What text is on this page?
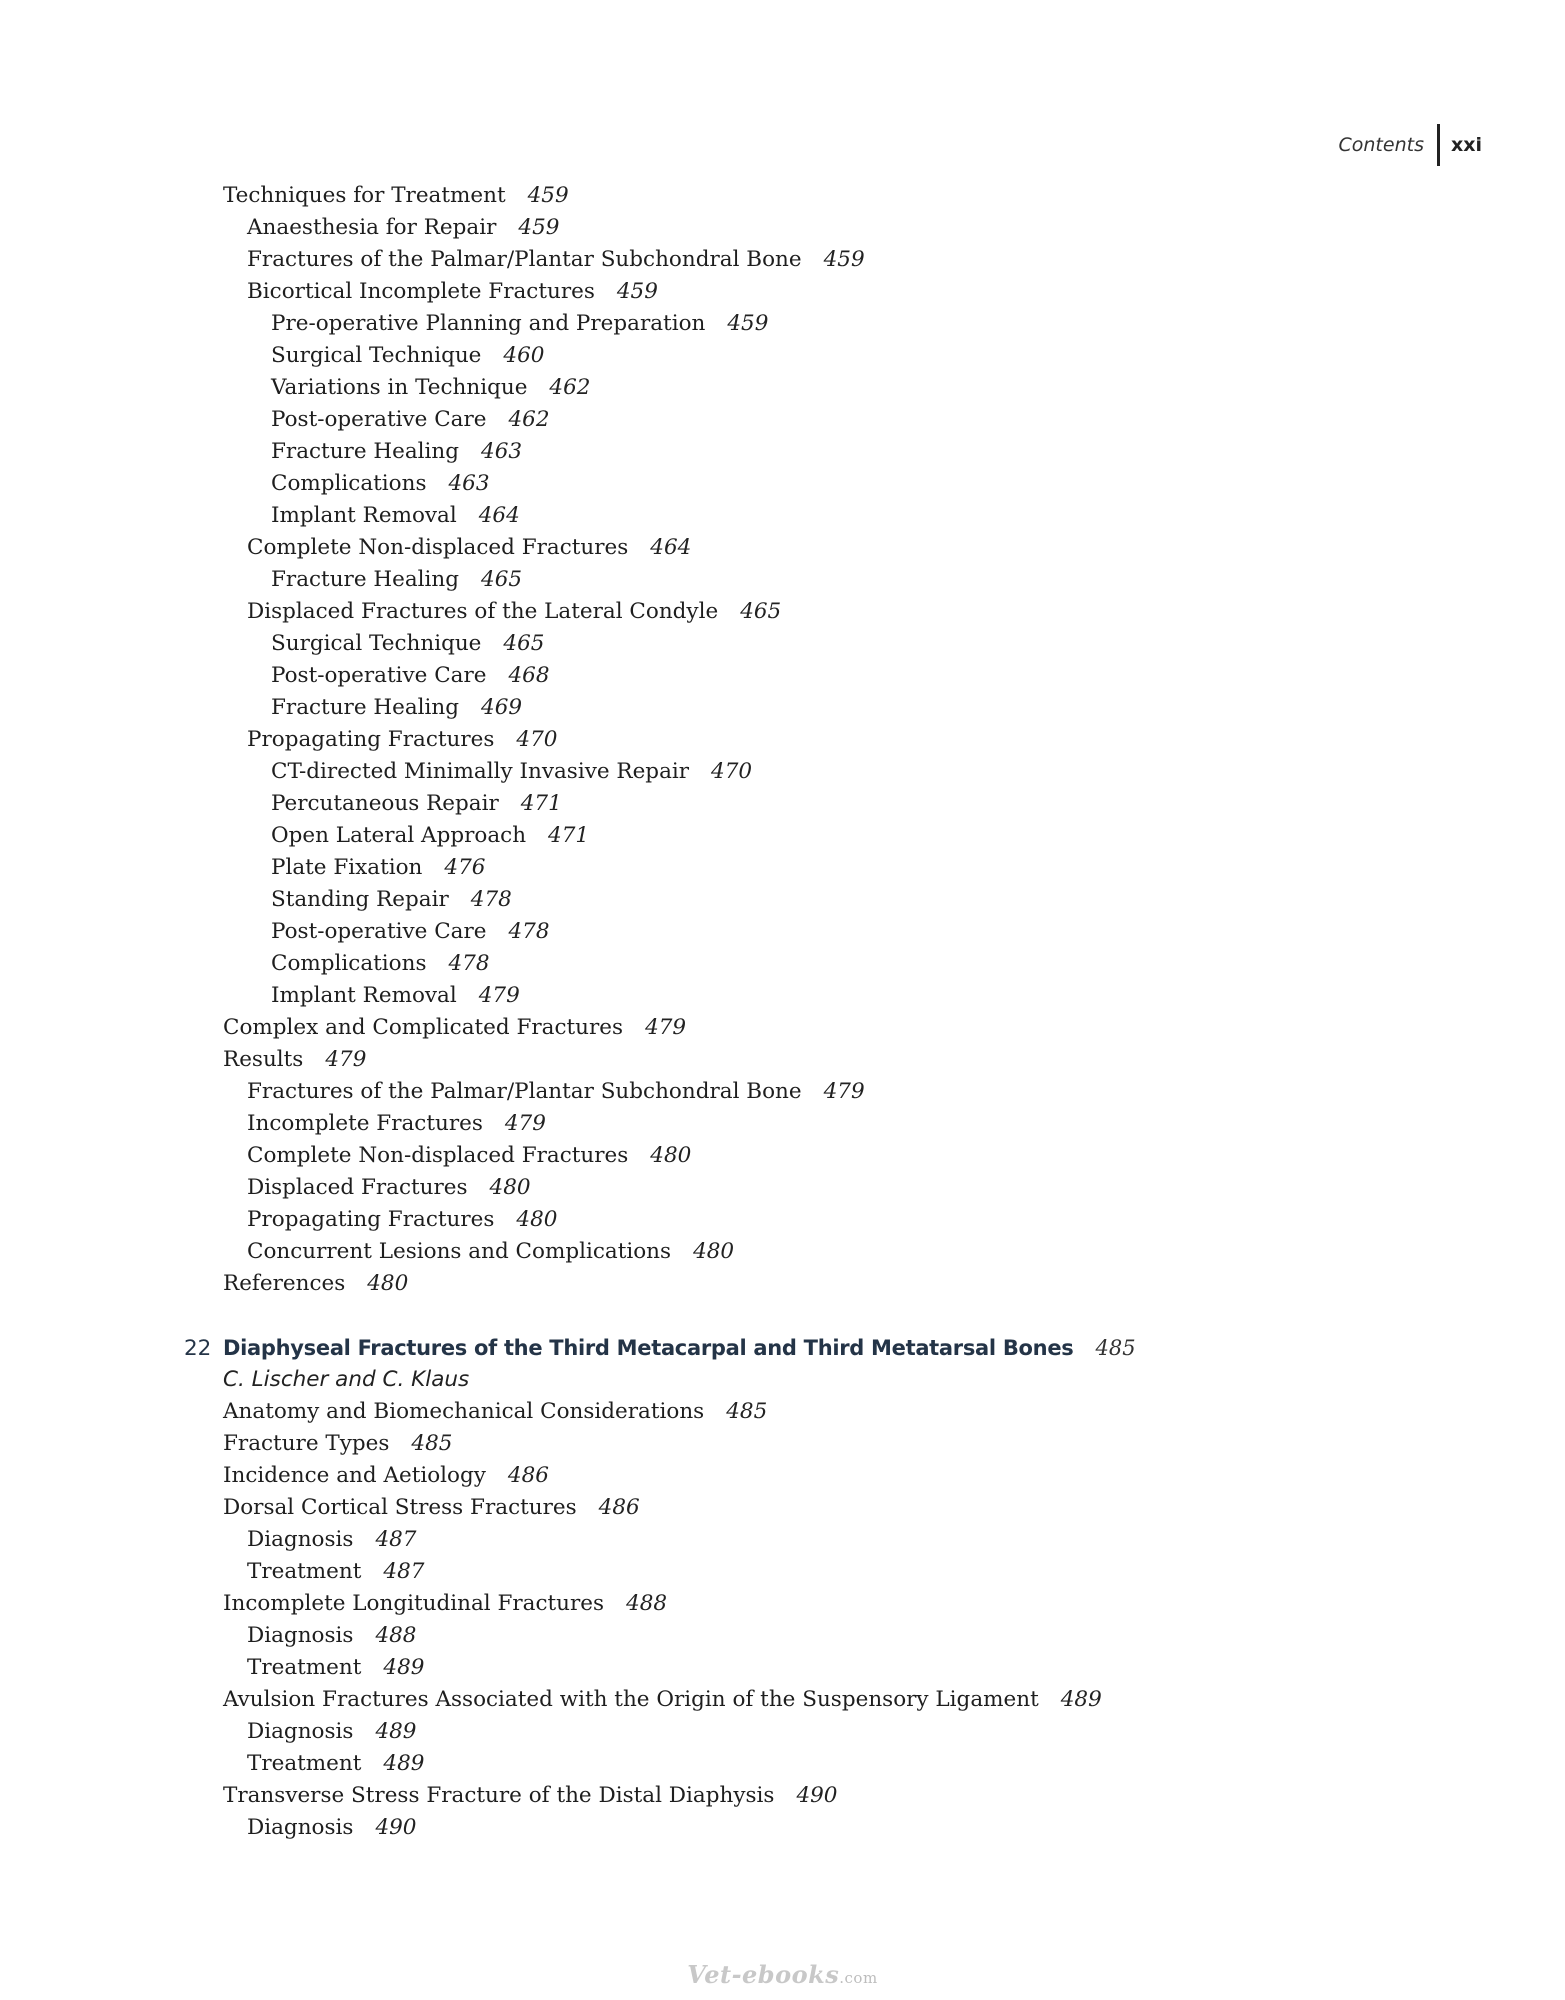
Contents	xxi
Techniques for Treatment 459
Anaesthesia for Repair 459
Fractures of the Palmar/Plantar Subchondral Bone 459
Bicortical Incomplete Fractures 459
Pre-operative Planning and Preparation 459
Surgical Technique 460
Variations in Technique 462
Post-operative Care 462
Fracture Healing 463
Complications 463
Implant Removal 464
Complete Non-displaced Fractures 464
Fracture Healing 465
Displaced Fractures of the Lateral Condyle 465
Surgical Technique 465
Post-operative Care 468
Fracture Healing 469
Propagating Fractures 470
CT-directed Minimally Invasive Repair 470
Percutaneous Repair 471
Open Lateral Approach 471
Plate Fixation 476
Standing Repair 478
Post-operative Care 478
Complications 478
Implant Removal 479
Complex and Complicated Fractures 479
Results 479
Fractures of the Palmar/Plantar Subchondral Bone 479
Incomplete Fractures 479
Complete Non-displaced Fractures 480
Displaced Fractures 480
Propagating Fractures 480
Concurrent Lesions and Complications 480
References 480
22 Diaphyseal Fractures of the Third Metacarpal and Third Metatarsal Bones 485
C. Lischer and C. Klaus
Anatomy and Biomechanical Considerations 485
Fracture Types 485
Incidence and Aetiology 486
Dorsal Cortical Stress Fractures 486
Diagnosis 487
Treatment 487
Incomplete Longitudinal Fractures 488
Diagnosis 488
Treatment 489
Avulsion Fractures Associated with the Origin of the Suspensory Ligament 489
Diagnosis 489
Treatment 489
Transverse Stress Fracture of the Distal Diaphysis 490
Diagnosis 490
Vet-ebooks.com
